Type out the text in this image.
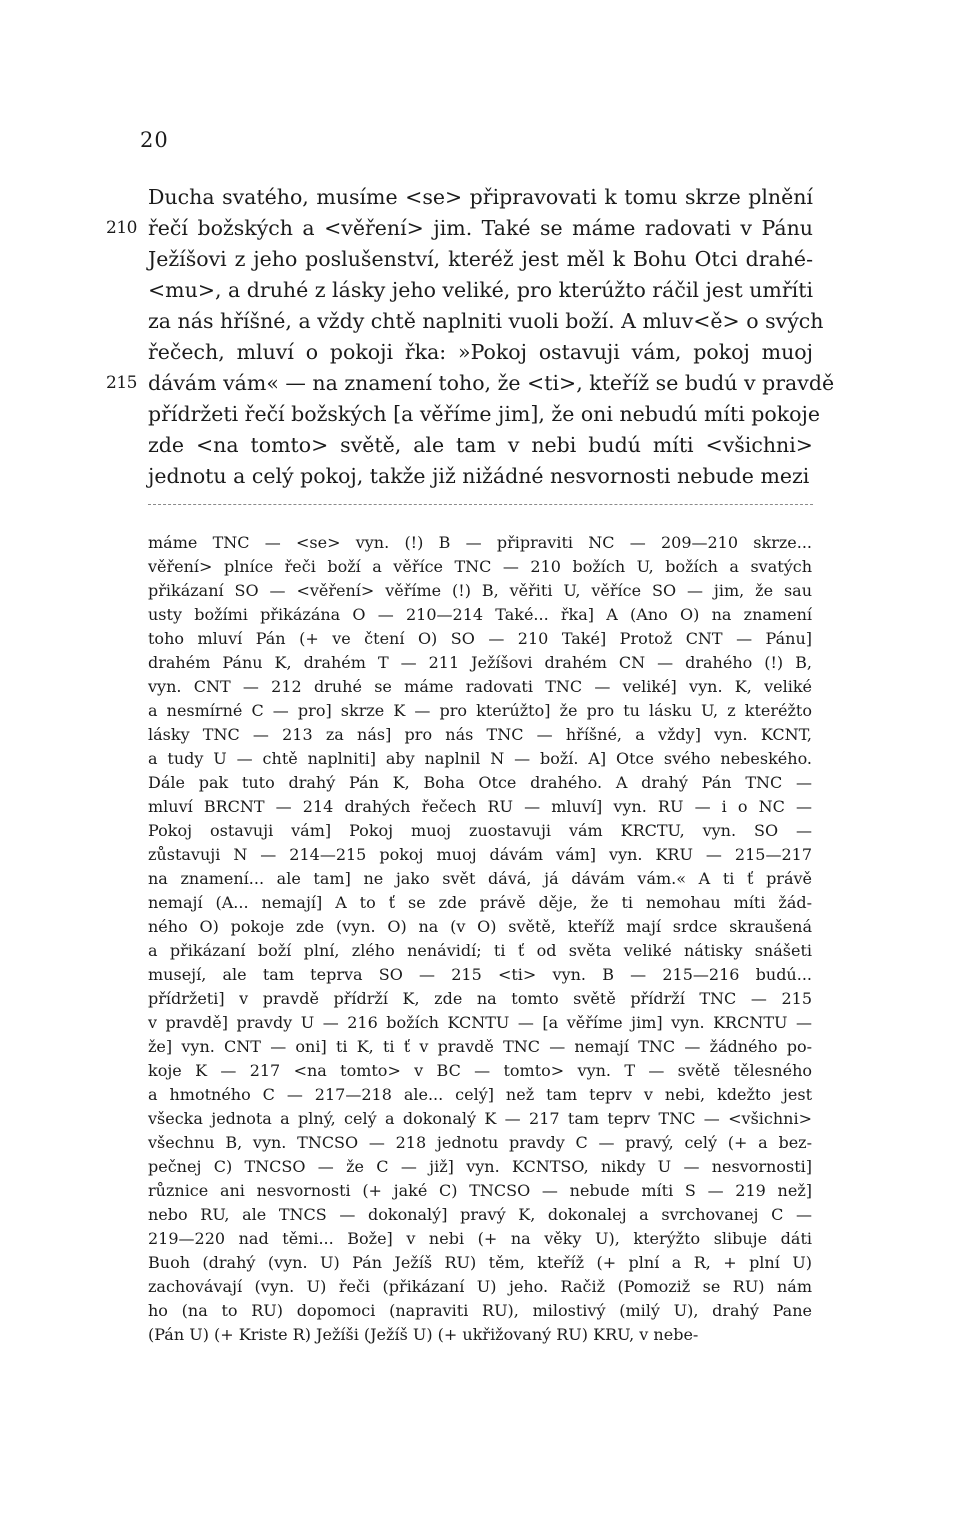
20
Ducha svatého, musíme <se> připravovati k tomu skrze plnění
210 řečí božských a <věření> jim. Také se máme radovati v Pánu
Ježíšovi z jeho poslušenství, kteréž jest měl k Bohu Otci drahé-
<mu>, a druhé z lásky jeho veliké, pro kterúžto ráčil jest umříti
za nás hříšné, a vždy chtě naplniti vuoli boží. A mluv<ě> o svých
řečech, mluví o pokoji řka: »Pokoj ostavuji vám, pokoj muoj
215 dávám vám« — na znamení toho, že <ti>, kteříž se budú v pravdě
přídržeti řečí božských [a věříme jim], že oni nebudú míti pokoje
zde <na tomto> světě, ale tam v nebi budú míti <všichni>
jednotu a celý pokoj, takže již nižádné nesvornosti nebude mezi
máme TNC — <se> vyn. (!) B — připraviti NC — 209—210 skrze...
věření> plníce řeči boží a věříce TNC — 210 božích U, božích a svatých
přikázaní SO — <věření> věříme (!) B, věřiti U, věříce SO — jim, že sau
usty božími přikázána O — 210—214 Také... řka] A (Ano O) na znamení
toho mluví Pán (+ ve čtení O) SO — 210 Také] Protož CNT — Pánu]
drahém Pánu K, drahém T — 211 Ježíšovi drahém CN — drahého (!) B,
vyn. CNT — 212 druhé se máme radovati TNC — veliké] vyn. K, veliké
a nesmírné C — pro] skrze K — pro kterúžto] že pro tu lásku U, z kteréžto
lásky TNC — 213 za nás] pro nás TNC — hříšné, a vždy] vyn. KCNT,
a tudy U — chtě naplniti] aby naplnil N — boží. A] Otce svého nebeského.
Dále pak tuto drahý Pán K, Boha Otce drahého. A drahý Pán TNC —
mluví BRCNT — 214 drahých řečech RU — mluví] vyn. RU — i o NC —
Pokoj ostavuji vám] Pokoj muoj zuostavuji vám KRCTU, vyn. SO —
zůstavuji N — 214—215 pokoj muoj dávám vám] vyn. KRU — 215—217
na znamení... ale tam] ne jako svět dává, já dávám vám.« A ti ť právě
nemají (A... nemají] A to ť se zde právě děje, že ti nemohau míti žád-
ného O) pokoje zde (vyn. O) na (v O) světě, kteříž mají srdce skraušená
a přikázaní boží plní, zlého nenávidí; ti ť od světa veliké nátisky snášeti
musejí, ale tam teprva SO — 215 <ti> vyn. B — 215—216 budú...
přídržeti] v pravdě přídrží K, zde na tomto světě přídrží TNC — 215
v pravdě] pravdy U — 216 božích KCNTU — [a věříme jim] vyn. KRCNTU —
že] vyn. CNT — oni] ti K, ti ť v pravdě TNC — nemají TNC — žádného po-
koje K — 217 <na tomto> v BC — tomto> vyn. T — světě tělesného
a hmotného C — 217—218 ale... celý] než tam teprv v nebi, kdežto jest
všecka jednota a plný, celý a dokonalý K — 217 tam teprv TNC — <všichni>
všechnu B, vyn. TNCSO — 218 jednotu pravdy C — pravý, celý (+ a bez-
pečnej C) TNCSO — že C — již] vyn. KCNTSO, nikdy U — nesvornosti]
různice ani nesvornosti (+ jaké C) TNCSO — nebude míti S — 219 než]
nebo RU, ale TNCS — dokonalý] pravý K, dokonalej a svrchovanej C —
219—220 nad těmi... Bože] v nebi (+ na věky U), kterýžto slibuje dáti
Buoh (drahý (vyn. U) Pán Ježíš RU) těm, kteříž (+ plní a R, + plní U)
zachovávají (vyn. U) řeči (přikázaní U) jeho. Račiž (Pomoziž se RU) nám
ho (na to RU) dopomoci (napraviti RU), milostivý (milý U), drahý Pane
(Pán U) (+ Kriste R) Ježíši (Ježíš U) (+ ukřižovaný RU) KRU, v nebe-
